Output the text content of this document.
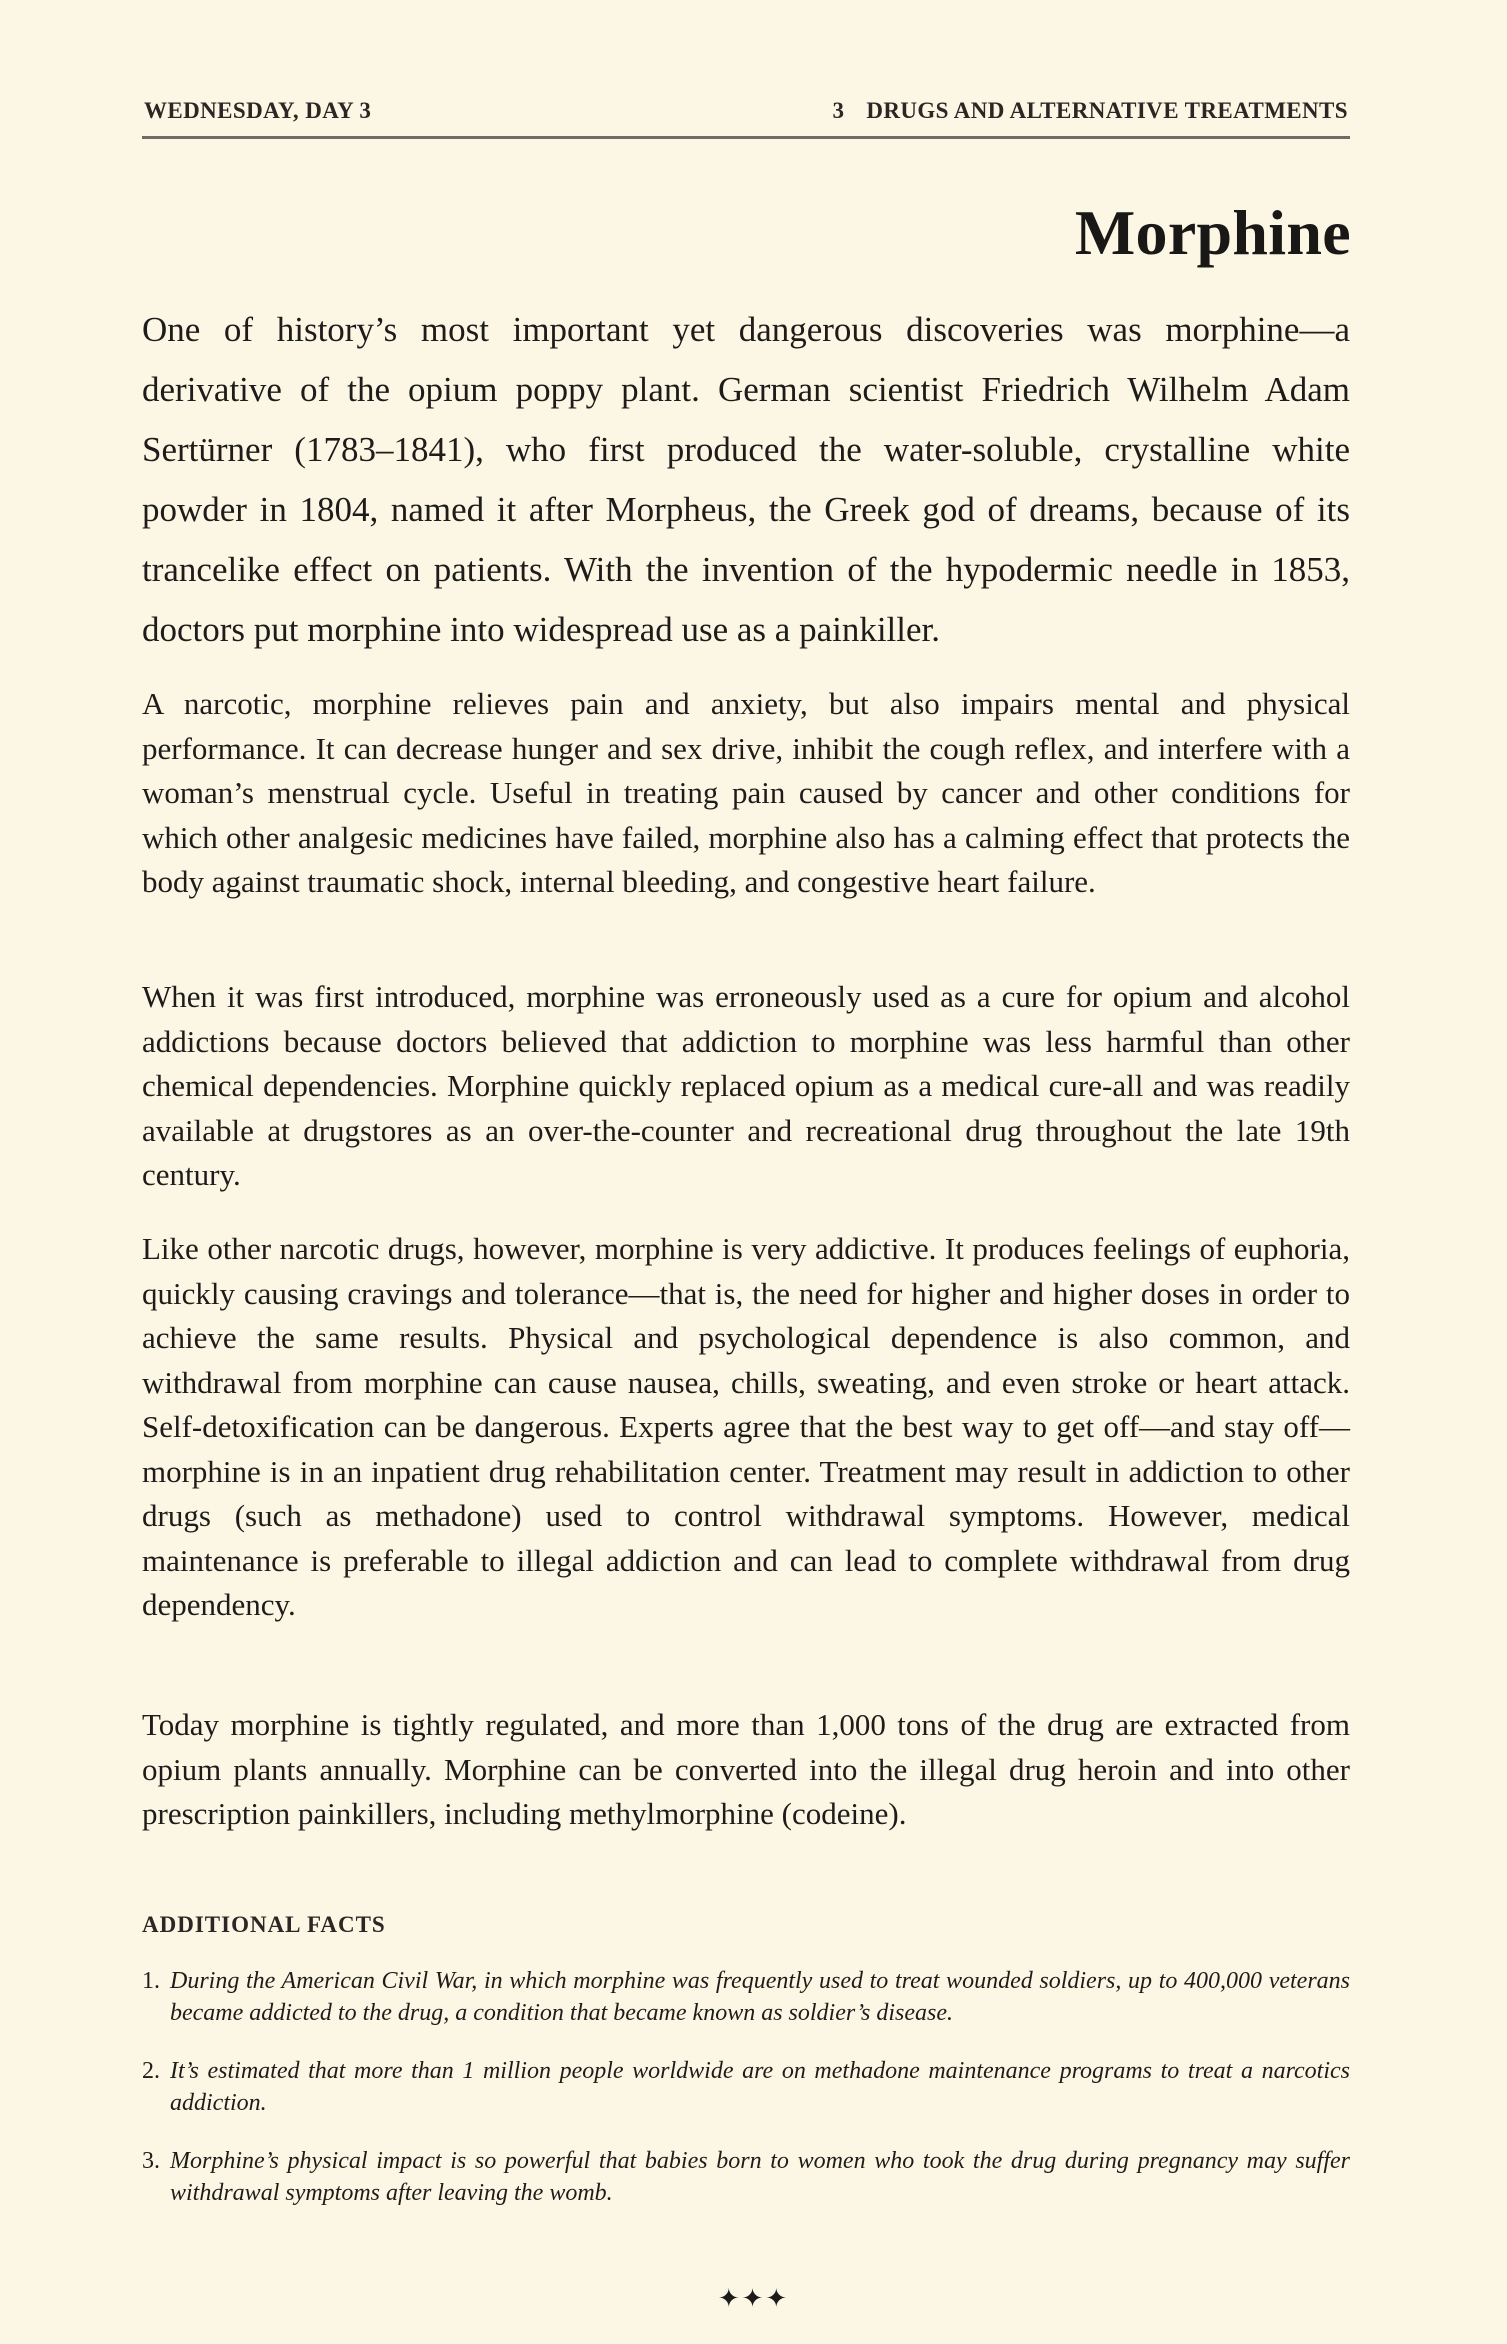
WEDNESDAY, DAY 3	3 DRUGS AND ALTERNATIVE TREATMENTS
Morphine

One of history’s most important yet dangerous discoveries was morphine—a derivative of the opium poppy plant. German scientist Friedrich Wilhelm Adam Sertürner (1783–1841), who first produced the water-soluble, crystalline white powder in 1804, named it after Morpheus, the Greek god of dreams, because of its trancelike effect on patients. With the invention of the hypodermic needle in 1853, doctors put morphine into widespread use as a painkiller.

A narcotic, morphine relieves pain and anxiety, but also impairs mental and physical performance. It can decrease hunger and sex drive, inhibit the cough reflex, and interfere with a woman’s menstrual cycle. Useful in treating pain caused by cancer and other conditions for which other analgesic medicines have failed, morphine also has a calming effect that protects the body against traumatic shock, internal bleeding, and congestive heart failure.

When it was first introduced, morphine was erroneously used as a cure for opium and alcohol addictions because doctors believed that addiction to morphine was less harmful than other chemical dependencies. Morphine quickly replaced opium as a medical cure-all and was readily available at drugstores as an over-the-counter and recreational drug throughout the late 19th century.

Like other narcotic drugs, however, morphine is very addictive. It produces feelings of euphoria, quickly causing cravings and tolerance—that is, the need for higher and higher doses in order to achieve the same results. Physical and psychological dependence is also common, and withdrawal from morphine can cause nausea, chills, sweating, and even stroke or heart attack. Self-detoxification can be dangerous. Experts agree that the best way to get off—and stay off—morphine is in an inpatient drug rehabilitation center. Treatment may result in addiction to other drugs (such as methadone) used to control withdrawal symptoms. However, medical maintenance is preferable to illegal addiction and can lead to complete withdrawal from drug dependency.

Today morphine is tightly regulated, and more than 1,000 tons of the drug are extracted from opium plants annually. Morphine can be converted into the illegal drug heroin and into other prescription painkillers, including methylmorphine (codeine).

ADDITIONAL FACTS
1. During the American Civil War, in which morphine was frequently used to treat wounded soldiers, up to 400,000 veterans became addicted to the drug, a condition that became known as soldier’s disease.
2. It’s estimated that more than 1 million people worldwide are on methadone maintenance programs to treat a narcotics addiction.
3. Morphine’s physical impact is so powerful that babies born to women who took the drug during pregnancy may suffer withdrawal symptoms after leaving the womb.
✦✦✦
